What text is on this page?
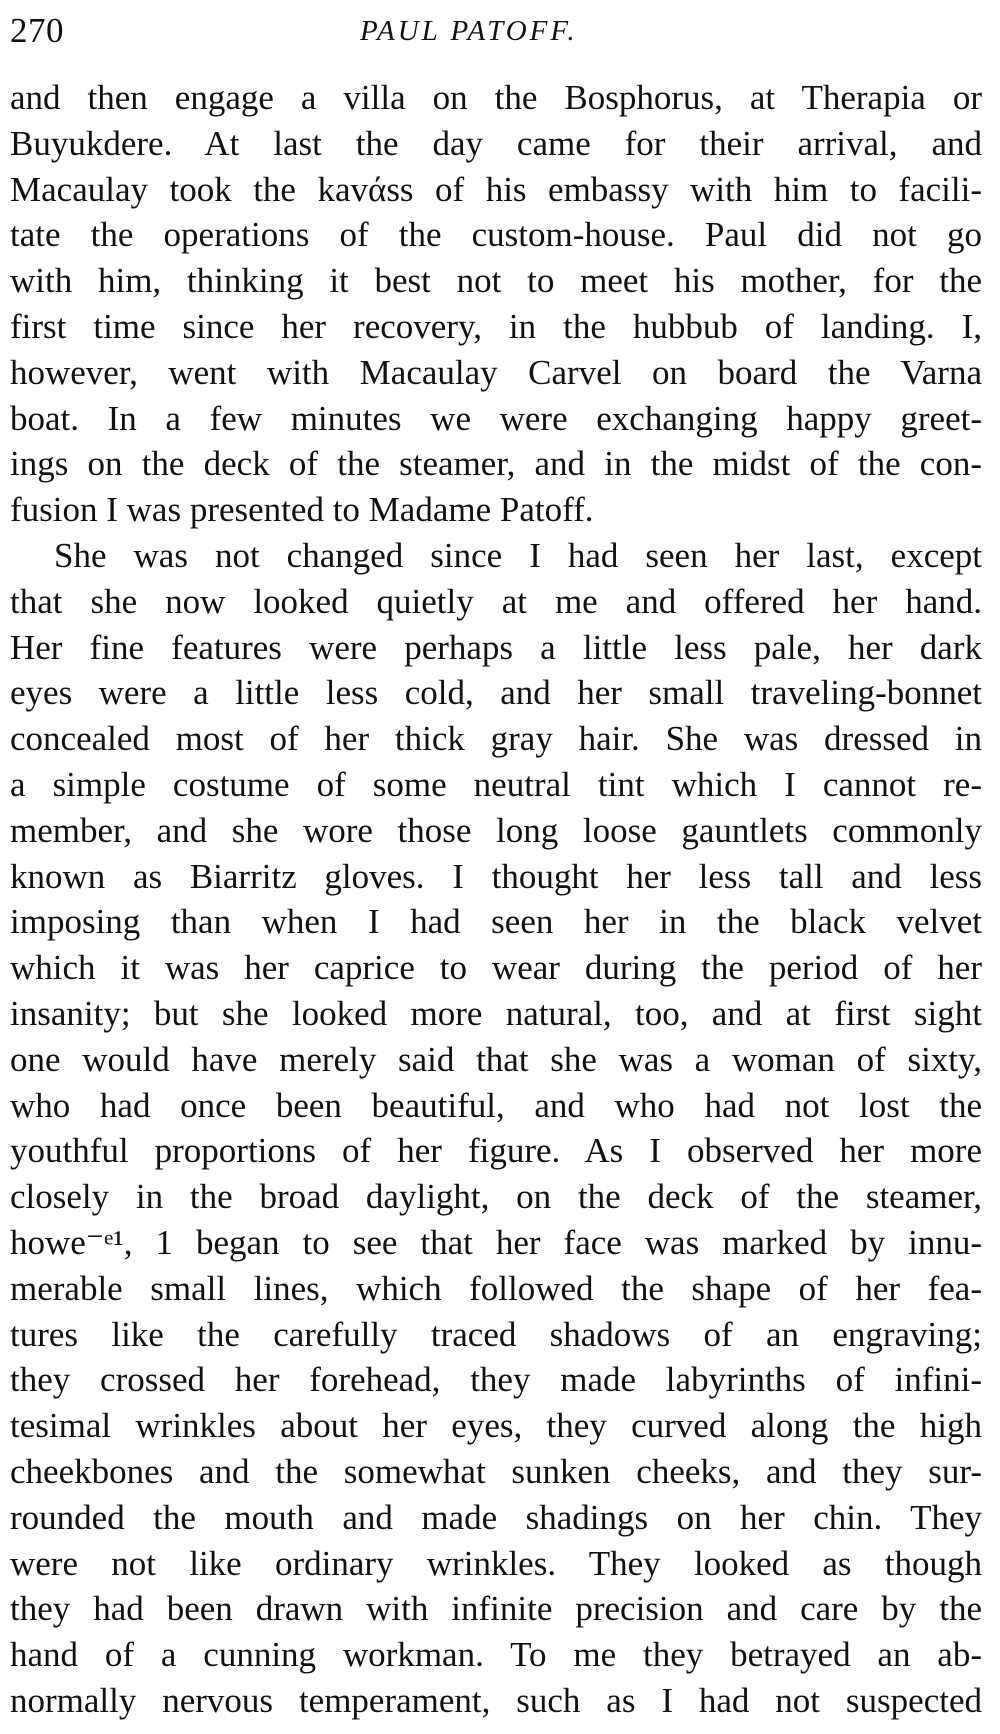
270	PAUL PATOFF.
and then engage a villa on the Bosphorus, at Therapia or
Buyukdere. At last the day came for their arrival, and
Macaulay took the kavάss of his embassy with him to facili-
tate the operations of the custom-house. Paul did not go
with him, thinking it best not to meet his mother, for the
first time since her recovery, in the hubbub of landing. I,
however, went with Macaulay Carvel on board the Varna
boat. In a few minutes we were exchanging happy greet-
ings on the deck of the steamer, and in the midst of the con-
fusion I was presented to Madame Patoff.
She was not changed since I had seen her last, except
that she now looked quietly at me and offered her hand.
Her fine features were perhaps a little less pale, her dark
eyes were a little less cold, and her small traveling-bonnet
concealed most of her thick gray hair. She was dressed in
a simple costume of some neutral tint which I cannot re-
member, and she wore those long loose gauntlets commonly
known as Biarritz gloves. I thought her less tall and less
imposing than when I had seen her in the black velvet
which it was her caprice to wear during the period of her
insanity; but she looked more natural, too, and at first sight
one would have merely said that she was a woman of sixty,
who had once been beautiful, and who had not lost the
youthful proportions of her figure. As I observed her more
closely in the broad daylight, on the deck of the steamer,
howe⁻ᵉ¹, 1 began to see that her face was marked by innu-
merable small lines, which followed the shape of her fea-
tures like the carefully traced shadows of an engraving;
they crossed her forehead, they made labyrinths of infini-
tesimal wrinkles about her eyes, they curved along the high
cheekbones and the somewhat sunken cheeks, and they sur-
rounded the mouth and made shadings on her chin. They
were not like ordinary wrinkles. They looked as though
they had been drawn with infinite precision and care by the
hand of a cunning workman. To me they betrayed an ab-
normally nervous temperament, such as I had not suspected
